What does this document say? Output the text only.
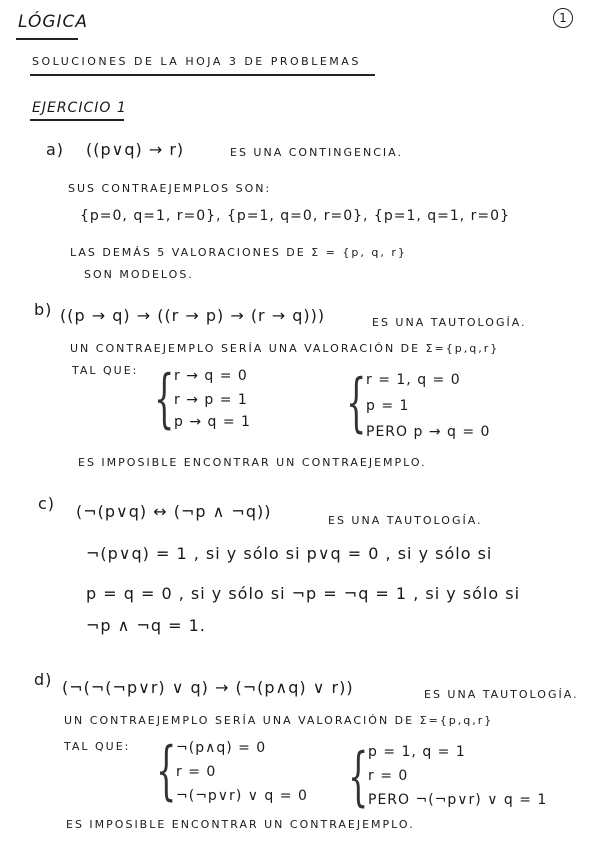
LÓGICA	1
SOLUCIONES DE LA HOJA 3 DE PROBLEMAS
EJERCICIO 1
a) ((p∨q) → r)	ES UNA CONTINGENCIA.
SUS CONTRAEJEMPLOS SON:
{p=0, q=1, r=0}, {p=1, q=0, r=0}, {p=1, q=1, r=0}
LAS DEMÁS 5 VALORACIONES DE Σ = {p, q, r}
SON MODELOS.
b) ((p → q) → ((r → p) → (r → q)))	ES UNA TAUTOLOGÍA.
UN CONTRAEJEMPLO SERÍA UNA VALORACIÓN DE Σ={p,q,r}
TAL QUE: { r → q = 0
r → p = 1
p → q = 1 { r = 1, q = 0
p = 1
PERO p → q = 0
ES IMPOSIBLE ENCONTRAR UN CONTRAEJEMPLO.
c) (¬(p∨q) ↔ (¬p ∧ ¬q))	ES UNA TAUTOLOGÍA.
¬(p∨q) = 1 , si y sólo si p∨q = 0 , si y sólo si
p = q = 0 , si y sólo si ¬p = ¬q = 1 , si y sólo si
¬p ∧ ¬q = 1.
d) (¬(¬(¬p∨r) ∨ q) → (¬(p∧q) ∨ r))	ES UNA TAUTOLOGÍA.
UN CONTRAEJEMPLO SERÍA UNA VALORACIÓN DE Σ={p,q,r}
TAL QUE: { ¬(p∧q) = 0
r = 0
¬(¬p∨r) ∨ q = 0 { p = 1, q = 1
r = 0
PERO ¬(¬p∨r) ∨ q = 1
ES IMPOSIBLE ENCONTRAR UN CONTRAEJEMPLO.
